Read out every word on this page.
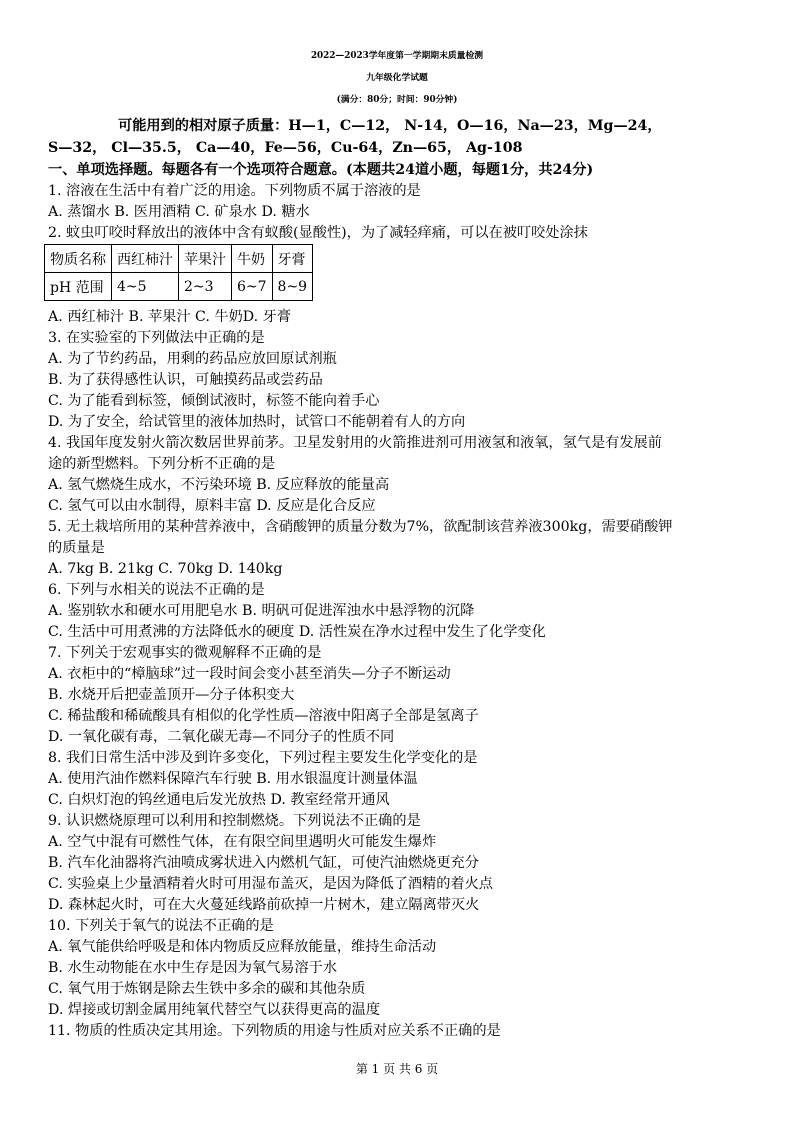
2022—2023学年度第一学期期末质量检测
九年级化学试题
(满分：80分；时间：90分钟)
可能用到的相对原子质量：H—1，C—12， N-14，O—16，Na—23，Mg—24，
S—32， Cl—35.5， Ca—40，Fe—56，Cu-64，Zn—65， Ag-108
一、单项选择题。每题各有一个选项符合题意。(本题共24道小题，每题1分，共24分)
1. 溶液在生活中有着广泛的用途。下列物质不属于溶液的是
A. 蒸馏水 B. 医用酒精 C. 矿泉水 D. 糖水
2. 蚊虫叮咬时释放出的液体中含有蚁酸(显酸性)，为了减轻痒痛，可以在被叮咬处涂抹
物质名称	西红柿汁	苹果汁	牛奶	牙膏
pH 范围	4~5	2~3	6~7	8~9
A. 西红柿汁 B. 苹果汁 C. 牛奶D. 牙膏
3. 在实验室的下列做法中正确的是
A. 为了节约药品，用剩的药品应放回原试剂瓶
B. 为了获得感性认识，可触摸药品或尝药品
C. 为了能看到标签，倾倒试液时，标签不能向着手心
D. 为了安全，给试管里的液体加热时，试管口不能朝着有人的方向
4. 我国年度发射火箭次数居世界前茅。卫星发射用的火箭推进剂可用液氢和液氧，氢气是有发展前
途的新型燃料。下列分析不正确的是
A. 氢气燃烧生成水，不污染环境 B. 反应释放的能量高
C. 氢气可以由水制得，原料丰富 D. 反应是化合反应
5. 无土栽培所用的某种营养液中，含硝酸钾的质量分数为7%，欲配制该营养液300kg，需要硝酸钾
的质量是
A. 7kg B. 21kg C. 70kg D. 140kg
6. 下列与水相关的说法不正确的是
A. 鉴别软水和硬水可用肥皂水 B. 明矾可促进浑浊水中悬浮物的沉降
C. 生活中可用煮沸的方法降低水的硬度 D. 活性炭在净水过程中发生了化学变化
7. 下列关于宏观事实的微观解释不正确的是
A. 衣柜中的“樟脑球”过一段时间会变小甚至消失—分子不断运动
B. 水烧开后把壶盖顶开—分子体积变大
C. 稀盐酸和稀硫酸具有相似的化学性质—溶液中阳离子全部是氢离子
D. 一氧化碳有毒，二氧化碳无毒—不同分子的性质不同
8. 我们日常生活中涉及到许多变化，下列过程主要发生化学变化的是
A. 使用汽油作燃料保障汽车行驶 B. 用水银温度计测量体温
C. 白炽灯泡的钨丝通电后发光放热 D. 教室经常开通风
9. 认识燃烧原理可以利用和控制燃烧。下列说法不正确的是
A. 空气中混有可燃性气体，在有限空间里遇明火可能发生爆炸
B. 汽车化油器将汽油喷成雾状进入内燃机气缸，可使汽油燃烧更充分
C. 实验桌上少量酒精着火时可用湿布盖灭，是因为降低了酒精的着火点
D. 森林起火时，可在大火蔓延线路前砍掉一片树木，建立隔离带灭火
10. 下列关于氧气的说法不正确的是
A. 氧气能供给呼吸是和体内物质反应释放能量，维持生命活动
B. 水生动物能在水中生存是因为氧气易溶于水
C. 氧气用于炼钢是除去生铁中多余的碳和其他杂质
D. 焊接或切割金属用纯氧代替空气以获得更高的温度
11. 物质的性质决定其用途。下列物质的用途与性质对应关系不正确的是
第 1 页 共 6 页
